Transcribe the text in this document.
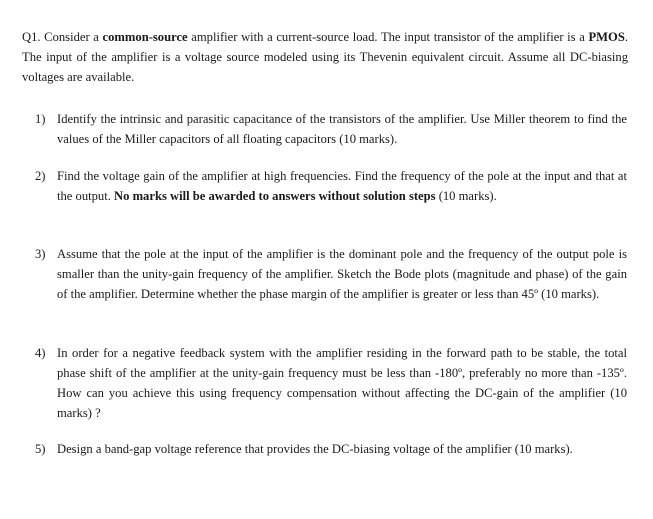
Q1. Consider a common-source amplifier with a current-source load. The input transistor of the amplifier is a PMOS. The input of the amplifier is a voltage source modeled using its Thevenin equivalent circuit. Assume all DC-biasing voltages are available.
1) Identify the intrinsic and parasitic capacitance of the transistors of the amplifier. Use Miller theorem to find the values of the Miller capacitors of all floating capacitors (10 marks).
2) Find the voltage gain of the amplifier at high frequencies. Find the frequency of the pole at the input and that at the output. No marks will be awarded to answers without solution steps (10 marks).
3) Assume that the pole at the input of the amplifier is the dominant pole and the frequency of the output pole is smaller than the unity-gain frequency of the amplifier. Sketch the Bode plots (magnitude and phase) of the gain of the amplifier. Determine whether the phase margin of the amplifier is greater or less than 45º (10 marks).
4) In order for a negative feedback system with the amplifier residing in the forward path to be stable, the total phase shift of the amplifier at the unity-gain frequency must be less than -180º, preferably no more than -135º. How can you achieve this using frequency compensation without affecting the DC-gain of the amplifier (10 marks) ?
5) Design a band-gap voltage reference that provides the DC-biasing voltage of the amplifier (10 marks).
